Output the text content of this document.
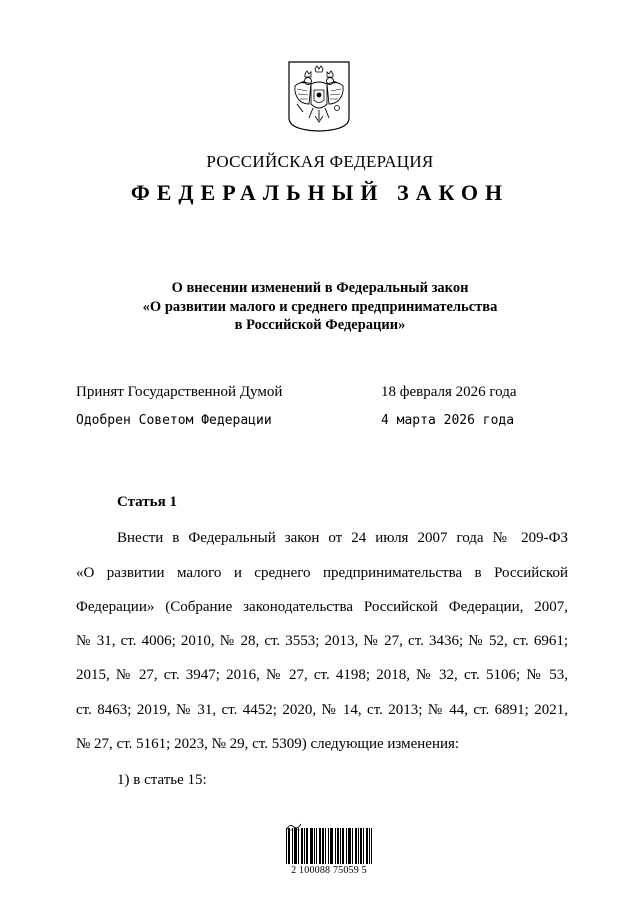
РОССИЙСКАЯ ФЕДЕРАЦИЯ
ФЕДЕРАЛЬНЫЙ ЗАКОН
О внесении изменений в Федеральный закон
«О развитии малого и среднего предпринимательства
в Российской Федерации»
Принят Государственной Думой	18 февраля 2026 года
Одобрен Советом Федерации	4 марта 2026 года
Статья 1
Внести в Федеральный закон от 24 июля 2007 года № 209-ФЗ
«О развитии малого и среднего предпринимательства в Российской
Федерации» (Собрание законодательства Российской Федерации, 2007,
№ 31, ст. 4006; 2010, № 28, ст. 3553; 2013, № 27, ст. 3436; № 52, ст. 6961;
2015, № 27, ст. 3947; 2016, № 27, ст. 4198; 2018, № 32, ст. 5106; № 53,
ст. 8463; 2019, № 31, ст. 4452; 2020, № 14, ст. 2013; № 44, ст. 6891; 2021,
№ 27, ст. 5161; 2023, № 29, ст. 5309) следующие изменения:
1) в статье 15:
2 100088 75059 5
